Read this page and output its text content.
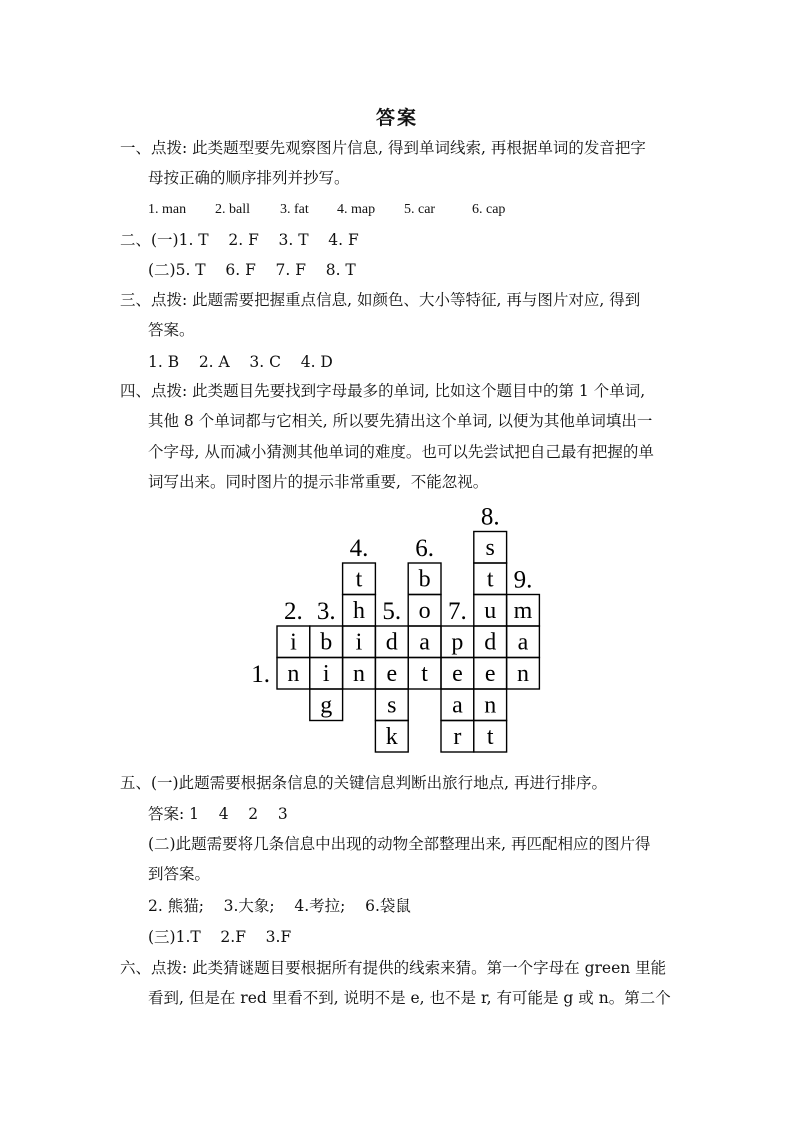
答案
一、点拨: 此类题型要先观察图片信息, 得到单词线索, 再根据单词的发音把字
母按正确的顺序排列并抄写。
1. man 2. ball 3. fat 4. map 5. car	6. cap
二、(一)1. T    2. F    3. T    4. F
(二)5. T    6. F    7. F    8. T
三、点拨: 此题需要把握重点信息, 如颜色、大小等特征, 再与图片对应, 得到
答案。
1. B    2. A    3. C    4. D
四、点拨: 此类题目先要找到字母最多的单词, 比如这个题目中的第 1 个单词,
其他 8 个单词都与它相关, 所以要先猜出这个单词, 以便为其他单词填出一
个字母, 从而减小猜测其他单词的难度。也可以先尝试把自己最有把握的单
词写出来。同时图片的提示非常重要,  不能忽视。
s
t b t
h o u m
i b i d a p d a
n i n e t e e n
g s a n
k r t
1.
2. 3.
4.
5.
6.
7.
8.
9.
五、(一)此题需要根据条信息的关键信息判断出旅行地点, 再进行排序。
答案: 1    4    2    3
(二)此题需要将几条信息中出现的动物全部整理出来, 再匹配相应的图片得
到答案。
2. 熊猫;    3.大象;    4.考拉;    6.袋鼠
(三)1.T    2.F    3.F
六、点拨: 此类猜谜题目要根据所有提供的线索来猜。第一个字母在 green 里能
看到, 但是在 red 里看不到, 说明不是 e, 也不是 r, 有可能是 g 或 n。第二个
